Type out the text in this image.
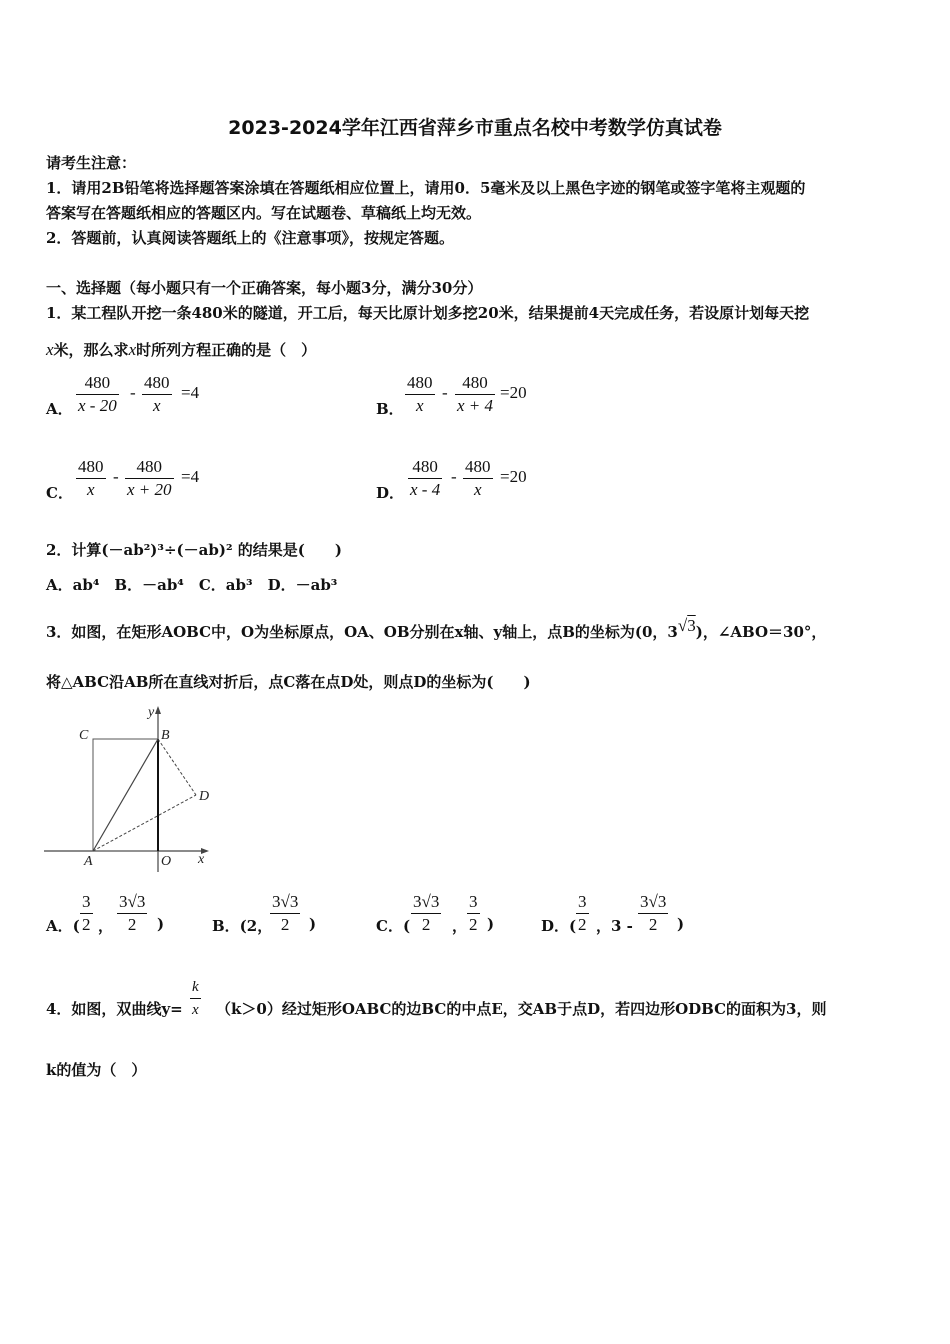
2023-2024学年江西省萍乡市重点名校中考数学仿真试卷
请考生注意：
1．请用2B铅笔将选择题答案涂填在答题纸相应位置上，请用0．5毫米及以上黑色字迹的钢笔或签字笔将主观题的
答案写在答题纸相应的答题区内。写在试题卷、草稿纸上均无效。
2．答题前，认真阅读答题纸上的《注意事项》，按规定答题。
一、选择题（每小题只有一个正确答案，每小题3分，满分30分）
1．某工程队开挖一条480米的隧道，开工后，每天比原计划多挖20米，结果提前4天完成任务，若设原计划每天挖
x米，那么求x时所列方程正确的是（　）
A． $\frac{480}{x - 20} - \frac{480}{x} =4$
B． $\frac{480}{x} - \frac{480}{x + 4} =20$
C． $\frac{480}{x} - \frac{480}{x + 20} =4$
D． $\frac{480}{x - 4} - \frac{480}{x} =20$
2．计算(－ab²)³÷(－ab)² 的结果是(　　)
A．ab⁴　B．－ab⁴　C．ab³　D．－ab³
3．如图，在矩形AOBC中，O为坐标原点，OA、OB分别在x轴、y轴上，点B的坐标为(0，3√3)，∠ABO＝30°，
将△ABC沿AB所在直线对折后，点C落在点D处，则点D的坐标为(　　)
y
C	B
D
A	O x
A．( $\frac{3}{2}$ ， $\frac{3√3}{2}$ )	B．(2，
$\frac{3√3}{2}$ )	C．( $\frac{3√3}{2}$ ， $\frac{3}{2}$ )	D．( $\frac{3}{2}$ ，$3 - \frac{3√3}{2}$ )
4．如图，双曲线$y= \frac{k}{x} (k>0)$经过矩形OABC的边BC的中点E，交AB于点D，若四边形ODBC的面积为3，则
k的值为（　）
